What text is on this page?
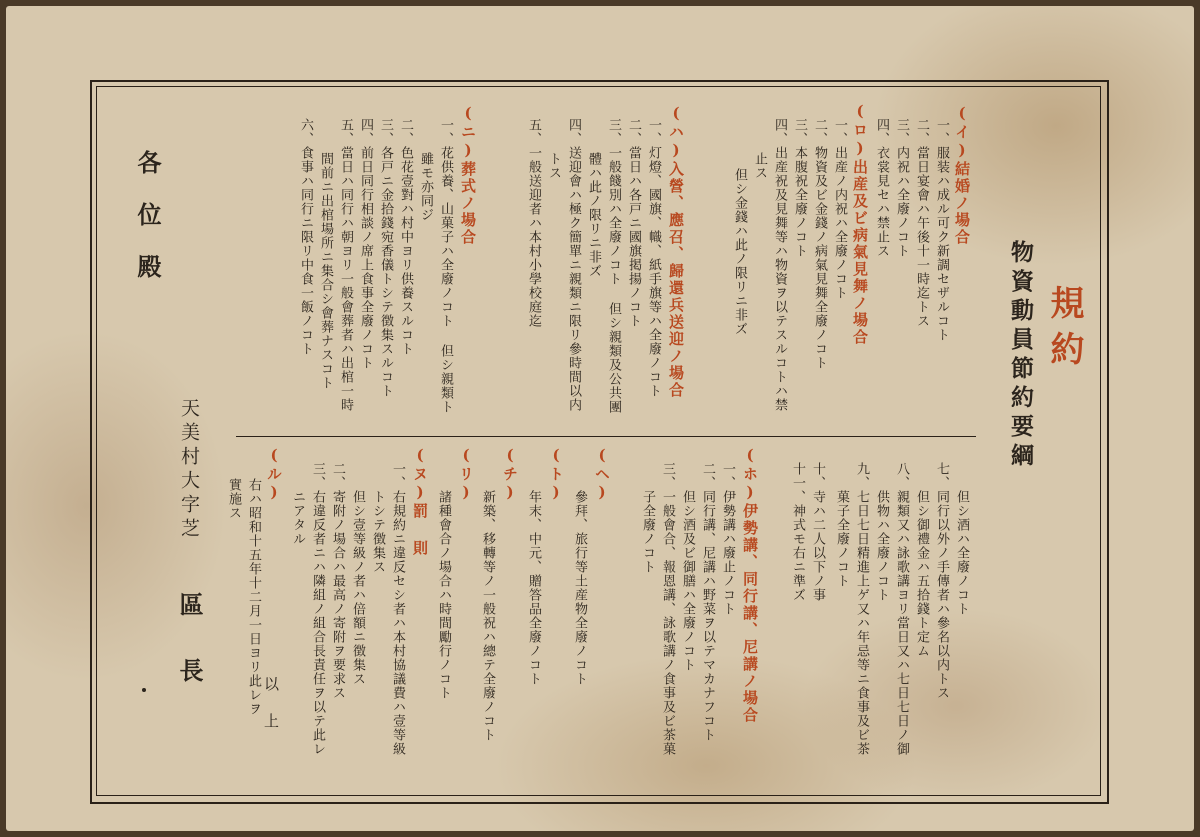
規約
物資動員節約要綱
(イ)結婚ノ場合
一、服装ハ成ル可ク新調セザルコト
二、當日宴會ハ午後十一時迄トス
三、内祝ハ全廢ノコト
四、衣裳見セハ禁止ス
(ロ)出産及ビ病氣見舞ノ場合
一、出産ノ内祝ハ全廢ノコト
二、物資及ビ金錢ノ病氣見舞全廢ノコト
三、本腹祝全廢ノコト
四、出産祝及見舞等ハ物資ヲ以テスルコトハ禁
止ス
但シ金錢ハ此ノ限リニ非ズ
(ハ)入營、應召、歸還兵送迎ノ場合
一、灯燈、國旗、幟、紙手旗等ハ全廢ノコト
二、當日ハ各戸ニ國旗掲揚ノコト
三、一般餞別ハ全廢ノコト 但シ親類及公共團
體ハ此ノ限リニ非ズ
四、送迎會ハ極ク簡單ニ親類ニ限リ參時間以内
トス
五、一般送迎者ハ本村小學校庭迄
(ニ)葬式ノ場合
一、花供養、山菓子ハ全廢ノコト 但シ親類ト
雖モ亦同ジ
二、色花壹對ハ村中ヨリ供養スルコト
三、各戸ニ金拾錢宛香儀トシテ徴集スルコト
四、前日同行相談ノ席上食事全廢ノコト
五、當日ハ同行ハ朝ヨリ一般會葬者ハ出棺一時
間前ニ出棺場所ニ集合シ會葬ナスコト
六、食事ハ同行ニ限リ中食一飯ノコト
但シ酒ハ全廢ノコト
七、同行以外ノ手傳者ハ參名以内トス
但シ御禮金ハ五拾錢ト定ム
八、親類又ハ詠歌講ヨリ當日又ハ七日七日ノ御
供物ハ全廢ノコト
九、七日七日精進上ゲ又ハ年忌等ニ食事及ビ茶
菓子全廢ノコト
十、寺ハ二人以下ノ事
十一、神式モ右ニ準ズ
(ホ)伊勢講、同行講、尼講ノ場合
一、伊勢講ハ廢止ノコト
二、同行講、尼講ハ野菜ヲ以テマカナフコト
但シ酒及ビ御膳ハ全廢ノコト
三、一般會合、報恩講、詠歌講ノ食事及ビ茶菓
子全廢ノコト
(ヘ)
參拜、旅行等土産物全廢ノコト
(ト)
年末、中元、贈答品全廢ノコト
(チ)
新築、移轉等ノ一般祝ハ總テ全廢ノコト
(リ)
諸種會合ノ場合ハ時間勵行ノコト
(ヌ)罰 則
一、右規約ニ違反セシ者ハ本村協議費ハ壹等級
トシテ徴集ス
但シ壹等級ノ者ハ倍額ニ徴集ス
二、寄附ノ場合ハ最高ノ寄附ヲ要求ス
三、右違反者ニハ隣組ノ組合長責任ヲ以テ此レ
ニアタル
(ル)
右ハ昭和十五年十二月一日ヨリ此レヲ
實施ス
以上
天美村大字芝
區長
各位殿
